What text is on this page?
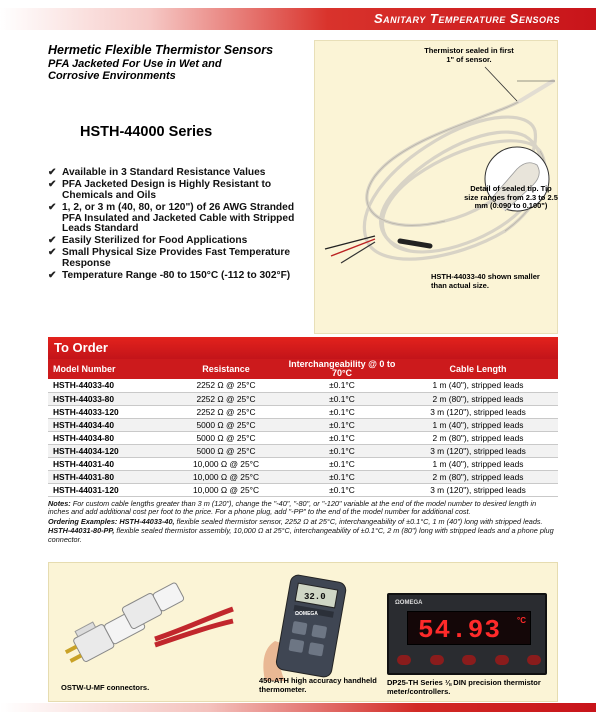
Sanitary Temperature Sensors
Hermetic Flexible Thermistor Sensors
PFA Jacketed For Use in Wet and
Corrosive Environments
HSTH-44000 Series
✔ Available in 3 Standard Resistance Values
✔ PFA Jacketed Design is Highly Resistant to Chemicals and Oils
✔ 1, 2, or 3 m (40, 80, or 120") of 26 AWG Stranded PFA Insulated and Jacketed Cable with Stripped Leads Standard
✔ Easily Sterilized for Food Applications
✔ Small Physical Size Provides Fast Temperature Response
✔ Temperature Range -80 to 150°C (-112 to 302°F)
Thermistor sealed in first 1" of sensor.
Detail of sealed tip. Tip size ranges from 2.3 to 2.5 mm (0.090 to 0.100")
HSTH-44033-40 shown smaller than actual size.
To Order
Model Number	Resistance	Interchangeability @ 0 to 70°C	Cable Length
HSTH-44033-40	2252 Ω @ 25°C	±0.1°C	1 m (40"), stripped leads
HSTH-44033-80	2252 Ω @ 25°C	±0.1°C	2 m (80"), stripped leads
HSTH-44033-120	2252 Ω @ 25°C	±0.1°C	3 m (120"), stripped leads
HSTH-44034-40	5000 Ω @ 25°C	±0.1°C	1 m (40"), stripped leads
HSTH-44034-80	5000 Ω @ 25°C	±0.1°C	2 m (80"), stripped leads
HSTH-44034-120	5000 Ω @ 25°C	±0.1°C	3 m (120"), stripped leads
HSTH-44031-40	10,000 Ω @ 25°C	±0.1°C	1 m (40"), stripped leads
HSTH-44031-80	10,000 Ω @ 25°C	±0.1°C	2 m (80"), stripped leads
HSTH-44031-120	10,000 Ω @ 25°C	±0.1°C	3 m (120"), stripped leads

Notes: For custom cable lengths greater than 3 m (120"), change the "-40", "-80", or "-120" variable at the end of the model number to desired length in inches and add additional cost per foot to the price. For a phone plug, add "-PP" to the end of the model number for additional cost.

Ordering Examples: HSTH-44033-40, flexible sealed thermistor sensor, 2252 Ω at 25°C, interchangeability of ±0.1°C, 1 m (40") long with stripped leads.

HSTH-44031-80-PP, flexible sealed thermistor assembly, 10,000 Ω at 25°C, interchangeability of ±0.1°C, 2 m (80") long with stripped leads and a phone plug connector.

OSTW-U-MF connectors.
32.0
ΩOMEGA
450-ATH high accuracy handheld thermometer.
ΩOMEGA
54.93 °C
DP25-TH Series ⅛ DIN precision thermistor meter/controllers.
